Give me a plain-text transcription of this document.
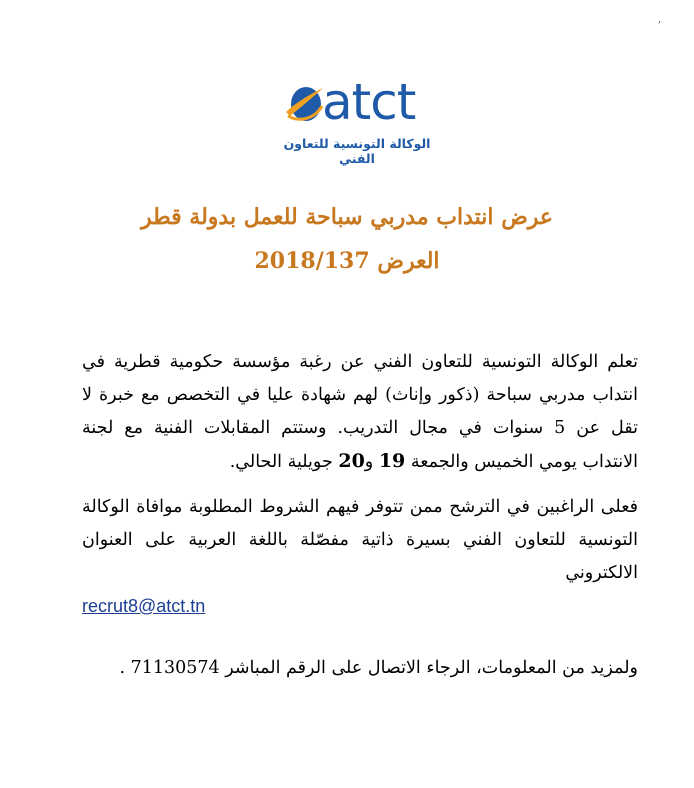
,
atct
الوكالة التونسية للتعاون الفني

عرض انتداب مدربي سباحة للعمل بدولة قطر

العرض 2018/137

تعلم الوكالة التونسية للتعاون الفني عن رغبة مؤسسة حكومية قطرية في انتداب مدربي سباحة (ذكور وإناث) لهم شهادة عليا في التخصص مع خبرة لا تقل عن 5 سنوات في مجال التدريب. وستتم المقابلات الفنية مع لجنة الانتداب يومي الخميس والجمعة 19 و20 جويلية الحالي.

فعلى الراغبين في الترشح ممن تتوفر فيهم الشروط المطلوبة موافاة الوكالة التونسية للتعاون الفني بسيرة ذاتية مفصّلة باللغة العربية على العنوان الالكتروني

recrut8@atct.tn

ولمزيد من المعلومات، الرجاء الاتصال على الرقم المباشر 71130574 .
